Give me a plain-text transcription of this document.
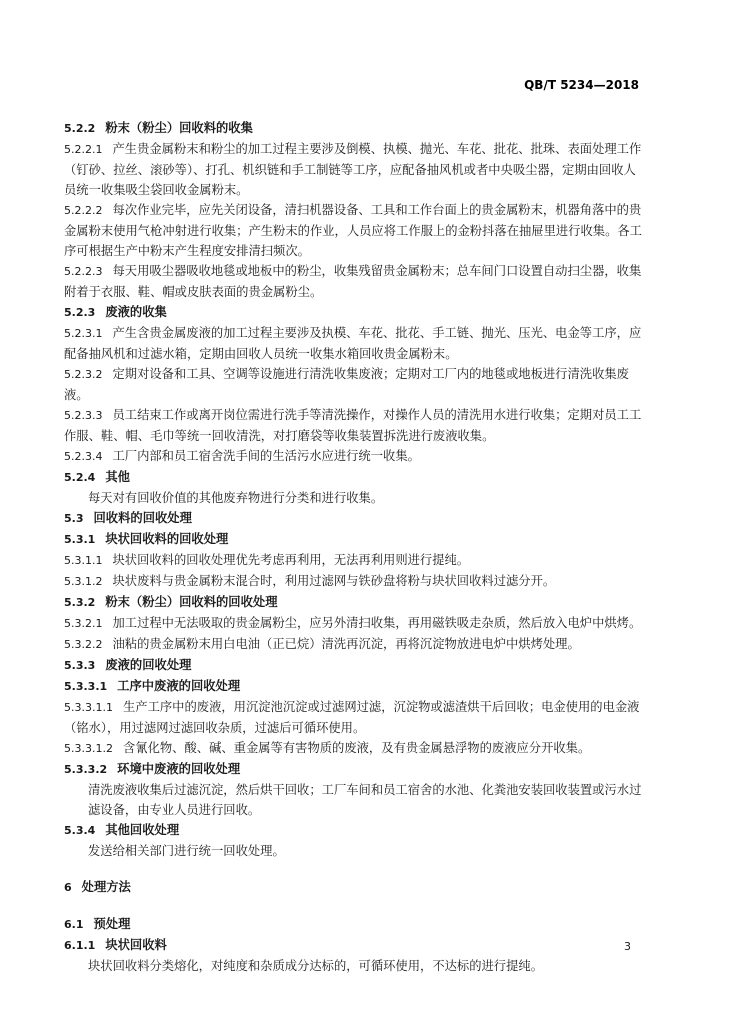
QB/T 5234—2018
5.2.2 粉末（粉尘）回收料的收集
5.2.2.1 产生贵金属粉末和粉尘的加工过程主要涉及倒模、执模、抛光、车花、批花、批珠、表面处理工作（钉砂、拉丝、滚砂等）、打孔、机织链和手工制链等工序，应配备抽风机或者中央吸尘器，定期由回收人员统一收集吸尘袋回收金属粉末。
5.2.2.2 每次作业完毕，应先关闭设备，清扫机器设备、工具和工作台面上的贵金属粉末，机器角落中的贵金属粉末使用气枪冲射进行收集；产生粉末的作业，人员应将工作服上的金粉抖落在抽屉里进行收集。各工序可根据生产中粉末产生程度安排清扫频次。
5.2.2.3 每天用吸尘器吸收地毯或地板中的粉尘，收集残留贵金属粉末；总车间门口设置自动扫尘器，收集附着于衣服、鞋、帽或皮肤表面的贵金属粉尘。
5.2.3 废液的收集
5.2.3.1 产生含贵金属废液的加工过程主要涉及执模、车花、批花、手工链、抛光、压光、电金等工序，应配备抽风机和过滤水箱，定期由回收人员统一收集水箱回收贵金属粉末。
5.2.3.2 定期对设备和工具、空调等设施进行清洗收集废液；定期对工厂内的地毯或地板进行清洗收集废液。
5.2.3.3 员工结束工作或离开岗位需进行洗手等清洗操作，对操作人员的清洗用水进行收集；定期对员工工作服、鞋、帽、毛巾等统一回收清洗，对打磨袋等收集装置拆洗进行废液收集。
5.2.3.4 工厂内部和员工宿舍洗手间的生活污水应进行统一收集。
5.2.4 其他
每天对有回收价值的其他废弃物进行分类和进行收集。
5.3 回收料的回收处理
5.3.1 块状回收料的回收处理
5.3.1.1 块状回收料的回收处理优先考虑再利用，无法再利用则进行提纯。
5.3.1.2 块状废料与贵金属粉末混合时，利用过滤网与铁砂盘将粉与块状回收料过滤分开。
5.3.2 粉末（粉尘）回收料的回收处理
5.3.2.1 加工过程中无法吸取的贵金属粉尘，应另外清扫收集，再用磁铁吸走杂质，然后放入电炉中烘烤。
5.3.2.2 油粘的贵金属粉末用白电油（正已烷）清洗再沉淀，再将沉淀物放进电炉中烘烤处理。
5.3.3 废液的回收处理
5.3.3.1 工序中废液的回收处理
5.3.3.1.1 生产工序中的废液，用沉淀池沉淀或过滤网过滤，沉淀物或滤渣烘干后回收；电金使用的电金液（铭水），用过滤网过滤回收杂质，过滤后可循环使用。
5.3.3.1.2 含氰化物、酸、碱、重金属等有害物质的废液，及有贵金属悬浮物的废液应分开收集。
5.3.3.2 环境中废液的回收处理
清洗废液收集后过滤沉淀，然后烘干回收；工厂车间和员工宿舍的水池、化粪池安装回收装置或污水过滤设备，由专业人员进行回收。
5.3.4 其他回收处理
发送给相关部门进行统一回收处理。
6 处理方法
6.1 预处理
6.1.1 块状回收料
块状回收料分类熔化，对纯度和杂质成分达标的，可循环使用，不达标的进行提纯。
3
